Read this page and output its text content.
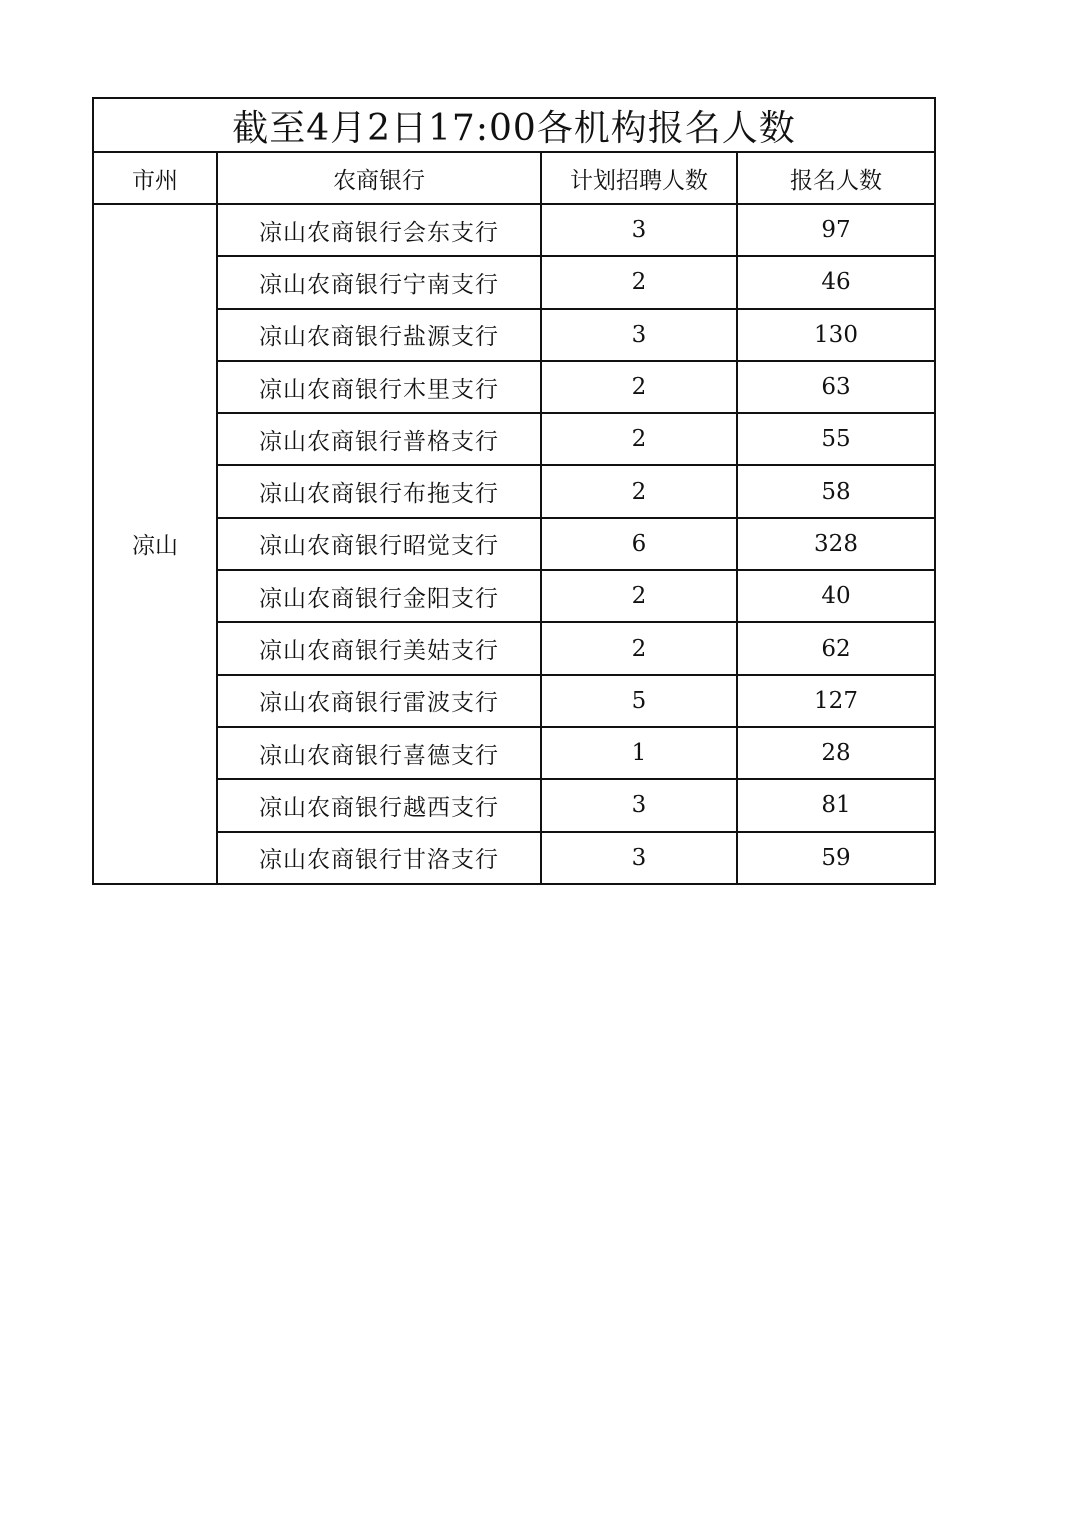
截至4月2日17:00各机构报名人数			
市州	农商银行	计划招聘人数	报名人数
凉山	凉山农商银行会东支行	3	97
	凉山农商银行宁南支行	2	46
	凉山农商银行盐源支行	3	130
	凉山农商银行木里支行	2	63
	凉山农商银行普格支行	2	55
	凉山农商银行布拖支行	2	58
	凉山农商银行昭觉支行	6	328
	凉山农商银行金阳支行	2	40
	凉山农商银行美姑支行	2	62
	凉山农商银行雷波支行	5	127
	凉山农商银行喜德支行	1	28
	凉山农商银行越西支行	3	81
	凉山农商银行甘洛支行	3	59
